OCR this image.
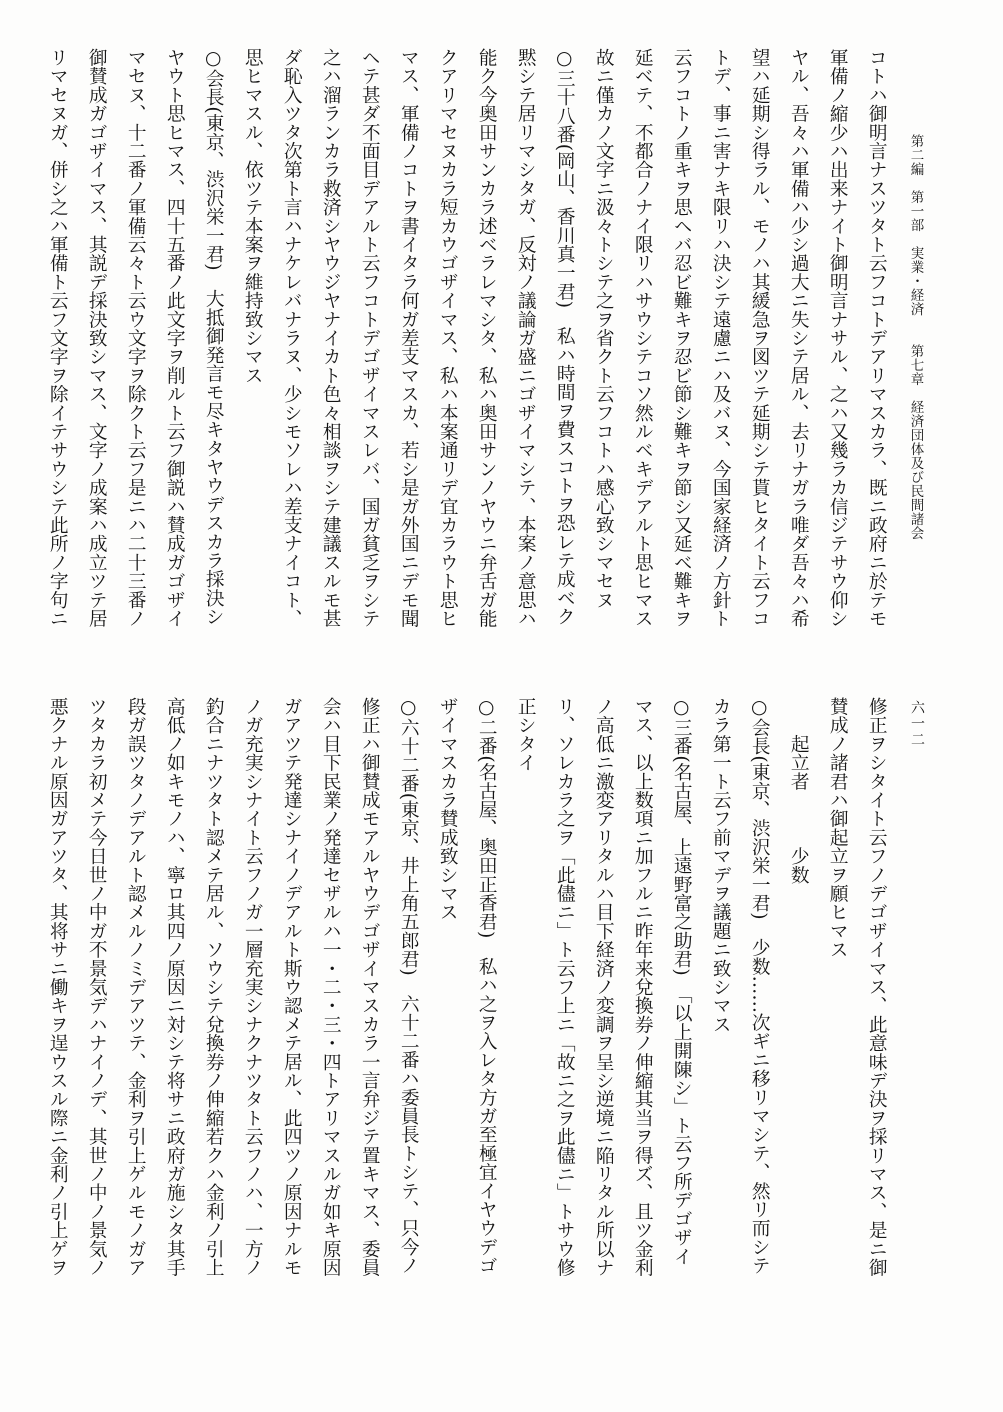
第二編　第一部　実業・経済　　第七章　経済団体及び民間諸会
六一二
コトハ御明言ナスツタト云フコトデアリマスカラ、既ニ政府ニ於テモ
軍備ノ縮少ハ出来ナイト御明言ナサル、之ハ又幾ラカ信ジテサウ仰シ
ヤル、吾々ハ軍備ハ少シ過大ニ失シテ居ル、去リナガラ唯ダ吾々ハ希
望ハ延期シ得ラル、モノハ其緩急ヲ図ツテ延期シテ貰ヒタイト云フコ
トデ、事ニ害ナキ限リハ決シテ遠慮ニハ及バヌ、今国家経済ノ方針ト
云フコトノ重キヲ思ヘバ忍ビ難キヲ忍ビ節シ難キヲ節シ又延ベ難キヲ
延ベテ、不都合ノナイ限リハサウシテコソ然ルベキデアルト思ヒマス
故ニ僅カノ文字ニ汲々トシテ之ヲ省クト云フコトハ感心致シマセヌ
○三十八番(岡山、香川真一君)　私ハ時間ヲ費スコトヲ恐レテ成ベク
黙シテ居リマシタガ、反対ノ議論ガ盛ニゴザイマシテ、本案ノ意思ハ
能ク今奥田サンカラ述ベラレマシタ、私ハ奥田サンノヤウニ弁舌ガ能
クアリマセヌカラ短カウゴザイマス、私ハ本案通リデ宜カラウト思ヒ
マス、軍備ノコトヲ書イタラ何ガ差支マスカ、若シ是ガ外国ニデモ聞
ヘテ甚ダ不面目デアルト云フコトデゴザイマスレバ、国ガ貧乏ヲシテ
之ハ溜ランカラ救済シヤウジヤナイカト色々相談ヲシテ建議スルモ甚
ダ恥入ツタ次第ト言ハナケレバナラヌ、少シモソレハ差支ナイコト、
思ヒマスル、依ツテ本案ヲ維持致シマス
○会長(東京、渋沢栄一君)　大抵御発言モ尽キタヤウデスカラ採決シ
ヤウト思ヒマス、四十五番ノ此文字ヲ削ルト云フ御説ハ賛成ガゴザイ
マセヌ、十二番ノ軍備云々ト云ウ文字ヲ除クト云フ是ニハ二十三番ノ
御賛成ガゴザイマス、其説デ採決致シマス、文字ノ成案ハ成立ツテ居
リマセヌガ、併シ之ハ軍備ト云フ文字ヲ除イテサウシテ此所ノ字句ニ
修正ヲシタイト云フノデゴザイマス、此意味デ決ヲ採リマス、是ニ御
賛成ノ諸君ハ御起立ヲ願ヒマス
　　起立者　　　少数
○会長(東京、渋沢栄一君)　少数……次ギニ移リマシテ、然リ而シテ
カラ第一ト云フ前マデヲ議題ニ致シマス
○三番(名古屋、上遠野富之助君)　「以上開陳シ」ト云フ所デゴザイ
マス、以上数項ニ加フルニ昨年来兌換券ノ伸縮其当ヲ得ズ、且ツ金利
ノ高低ニ激変アリタルハ目下経済ノ変調ヲ呈シ逆境ニ陥リタル所以ナ
リ、ソレカラ之ヲ「此儘ニ」ト云フ上ニ「故ニ之ヲ此儘ニ」トサウ修
正シタイ
○二番(名古屋、奥田正香君)　私ハ之ヲ入レタ方ガ至極宜イヤウデゴ
ザイマスカラ賛成致シマス
○六十二番(東京、井上角五郎君)　六十二番ハ委員長トシテ、只今ノ
修正ハ御賛成モアルヤウデゴザイマスカラ一言弁ジテ置キマス、委員
会ハ目下民業ノ発達セザルハ一・二・三・四トアリマスルガ如キ原因
ガアツテ発達シナイノデアルト斯ウ認メテ居ル、此四ツノ原因ナルモ
ノガ充実シナイト云フノガ一層充実シナクナツタト云フノハ、一方ノ
釣合ニナツタト認メテ居ル、ソウシテ兌換券ノ伸縮若クハ金利ノ引上
高低ノ如キモノハ、寧ロ其四ノ原因ニ対シテ将サニ政府ガ施シタ其手
段ガ誤ツタノデアルト認メルノミデアツテ、金利ヲ引上ゲルモノガア
ツタカラ初メテ今日世ノ中ガ不景気デハナイノデ、其世ノ中ノ景気ノ
悪クナル原因ガアツタ、其将サニ働キヲ逞ウスル際ニ金利ノ引上ゲヲ
